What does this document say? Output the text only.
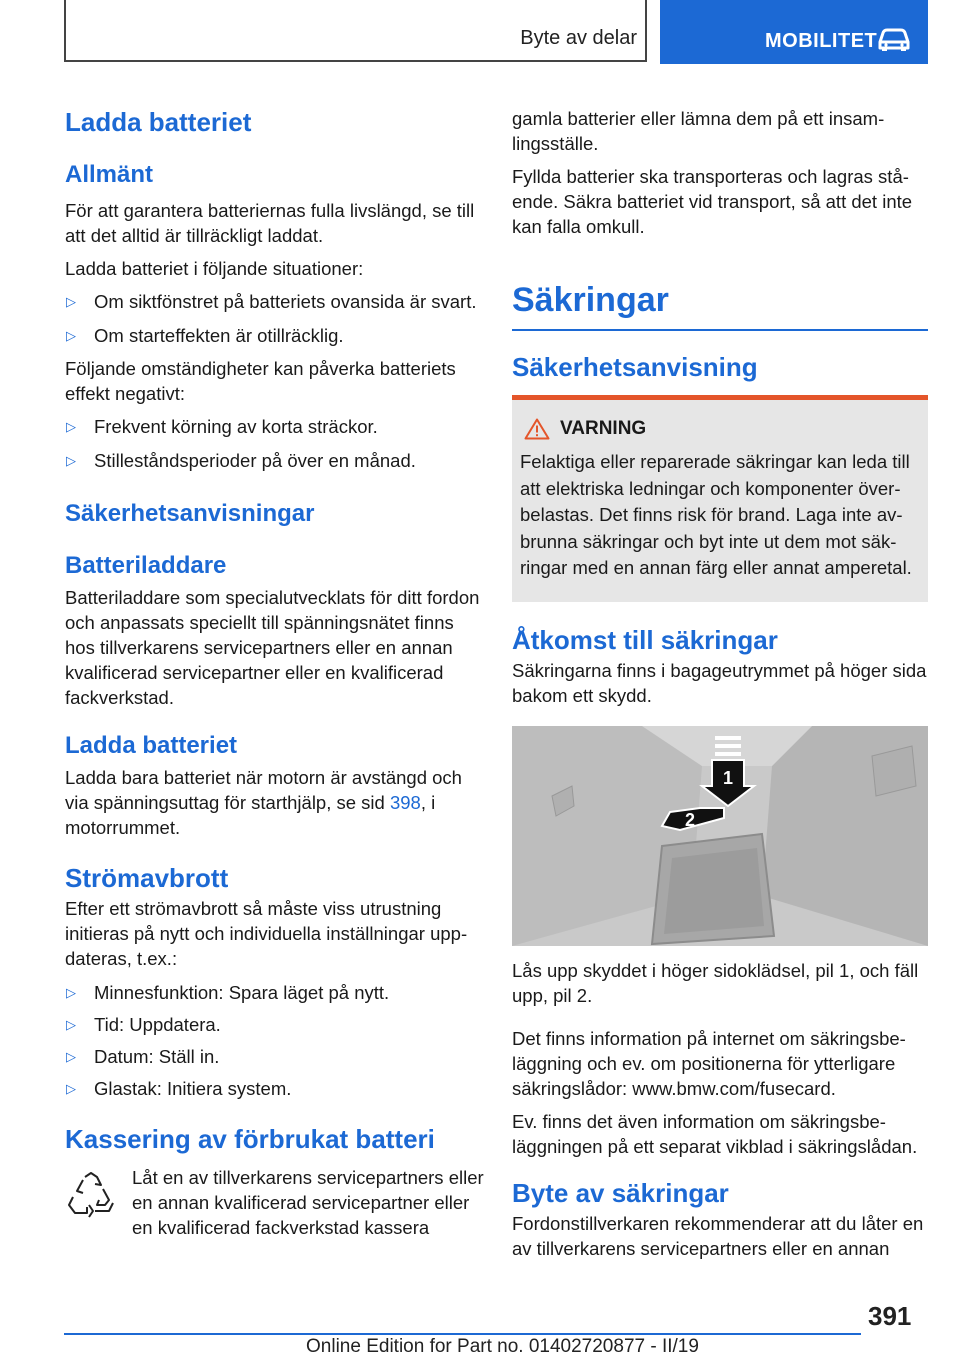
Byte av delar	MOBILITET
Ladda batteriet
Allmänt

För att garantera batteriernas fulla livslängd, se till att det alltid är tillräckligt laddat.

Ladda batteriet i följande situationer:

▷ Om siktfönstret på batteriets ovansida är svart.
▷ Om starteffekten är otillräcklig.

Följande omständigheter kan påverka batteriets effekt negativt:

▷ Frekvent körning av korta sträckor.
▷ Stilleståndsperioder på över en månad.
Säkerhetsanvisningar
Batteriladdare

Batteriladdare som specialutvecklats för ditt fordon och anpassats speciellt till spänningsnätet finns hos tillverkarens servicepartners eller en annan kvalificerad servicepartner eller en kvalificerad fackverkstad.

Ladda batteriet

Ladda bara batteriet när motorn är avstängd och via spänningsuttag för starthjälp, se sid 398, i motorrummet.

Strömavbrott

Efter ett strömavbrott så måste viss utrustning initieras på nytt och individuella inställningar uppdateras, t.ex.:

▷ Minnesfunktion: Spara läget på nytt.
▷ Tid: Uppdatera.
▷ Datum: Ställ in.
▷ Glastak: Initiera system.
Kassering av förbrukat batteri

Låt en av tillverkarens servicepartners eller en annan kvalificerad servicepartner eller en kvalificerad fackverkstad kassera

gamla batterier eller lämna dem på ett insamlingsställe.

Fyllda batterier ska transporteras och lagras stående. Säkra batteriet vid transport, så att det inte kan falla omkull.

Säkringar
Säkerhetsanvisning
VARNING

Felaktiga eller reparerade säkringar kan leda till att elektriska ledningar och komponenter överbelastas. Det finns risk för brand. Laga inte avbrunna säkringar och byt inte ut dem mot säkringar med en annan färg eller annat amperetal.

Åtkomst till säkringar

Säkringarna finns i bagageutrymmet på höger sida bakom ett skydd.

1
2

Lås upp skyddet i höger sidoklädsel, pil 1, och fäll upp, pil 2.

Det finns information på internet om säkringsbeläggning och ev. om positionerna för ytterligare säkringslådor: www.bmw.com/fusecard.

Ev. finns det även information om säkringsbeläggningen på ett separat vikblad i säkringslådan.

Byte av säkringar

Fordonstillverkaren rekommenderar att du låter en av tillverkarens servicepartners eller en annan

391
Online Edition for Part no. 01402720877 - II/19
